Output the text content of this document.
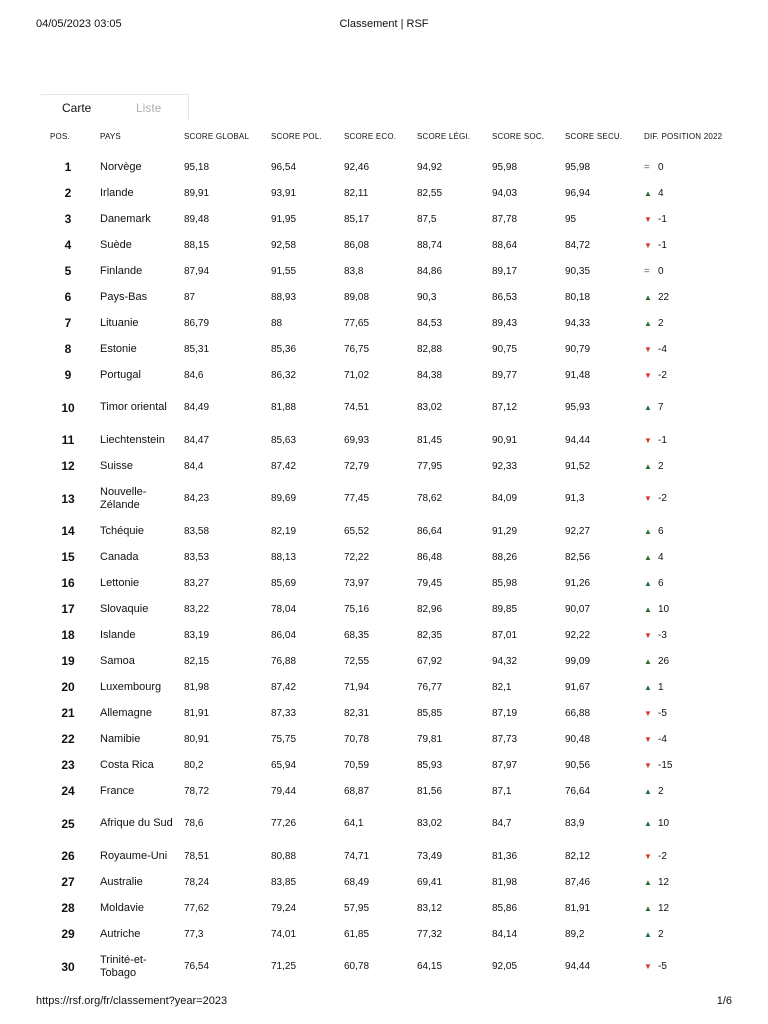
04/05/2023 03:05	Classement | RSF
Carte	Liste
POS.	PAYS	SCORE GLOBAL	SCORE POL.	SCORE ECO.	SCORE LÉGI.	SCORE SOC.	SCORE SECU.	DIF. POSITION 2022

1	Norvège	95,18	96,54	92,46	94,92	95,98	95,98	= 0
2	Irlande	89,91	93,91	82,11	82,55	94,03	96,94	▲ 4
3	Danemark	89,48	91,95	85,17	87,5	87,78	95	▼ -1
4	Suède	88,15	92,58	86,08	88,74	88,64	84,72	▼ -1
5	Finlande	87,94	91,55	83,8	84,86	89,17	90,35	= 0
6	Pays-Bas	87	88,93	89,08	90,3	86,53	80,18	▲ 22
7	Lituanie	86,79	88	77,65	84,53	89,43	94,33	▲ 2
8	Estonie	85,31	85,36	76,75	82,88	90,75	90,79	▼ -4
9	Portugal	84,6	86,32	71,02	84,38	89,77	91,48	▼ -2
10	Timor oriental	84,49	81,88	74,51	83,02	87,12	95,93	▲ 7
11	Liechtenstein	84,47	85,63	69,93	81,45	90,91	94,44	▼ -1
12	Suisse	84,4	87,42	72,79	77,95	92,33	91,52	▲ 2
13	Nouvelle-Zélande	84,23	89,69	77,45	78,62	84,09	91,3	▼ -2
14	Tchéquie	83,58	82,19	65,52	86,64	91,29	92,27	▲ 6
15	Canada	83,53	88,13	72,22	86,48	88,26	82,56	▲ 4
16	Lettonie	83,27	85,69	73,97	79,45	85,98	91,26	▲ 6
17	Slovaquie	83,22	78,04	75,16	82,96	89,85	90,07	▲ 10
18	Islande	83,19	86,04	68,35	82,35	87,01	92,22	▼ -3
19	Samoa	82,15	76,88	72,55	67,92	94,32	99,09	▲ 26
20	Luxembourg	81,98	87,42	71,94	76,77	82,1	91,67	▲ 1
21	Allemagne	81,91	87,33	82,31	85,85	87,19	66,88	▼ -5
22	Namibie	80,91	75,75	70,78	79,81	87,73	90,48	▼ -4
23	Costa Rica	80,2	65,94	70,59	85,93	87,97	90,56	▼ -15
24	France	78,72	79,44	68,87	81,56	87,1	76,64	▲ 2
25	Afrique du Sud	78,6	77,26	64,1	83,02	84,7	83,9	▲ 10
26	Royaume-Uni	78,51	80,88	74,71	73,49	81,36	82,12	▼ -2
27	Australie	78,24	83,85	68,49	69,41	81,98	87,46	▲ 12
28	Moldavie	77,62	79,24	57,95	83,12	85,86	81,91	▲ 12
29	Autriche	77,3	74,01	61,85	77,32	84,14	89,2	▲ 2
30	Trinité-et-Tobago	76,54	71,25	60,78	64,15	92,05	94,44	▼ -5
https://rsf.org/fr/classement?year=2023	1/6
